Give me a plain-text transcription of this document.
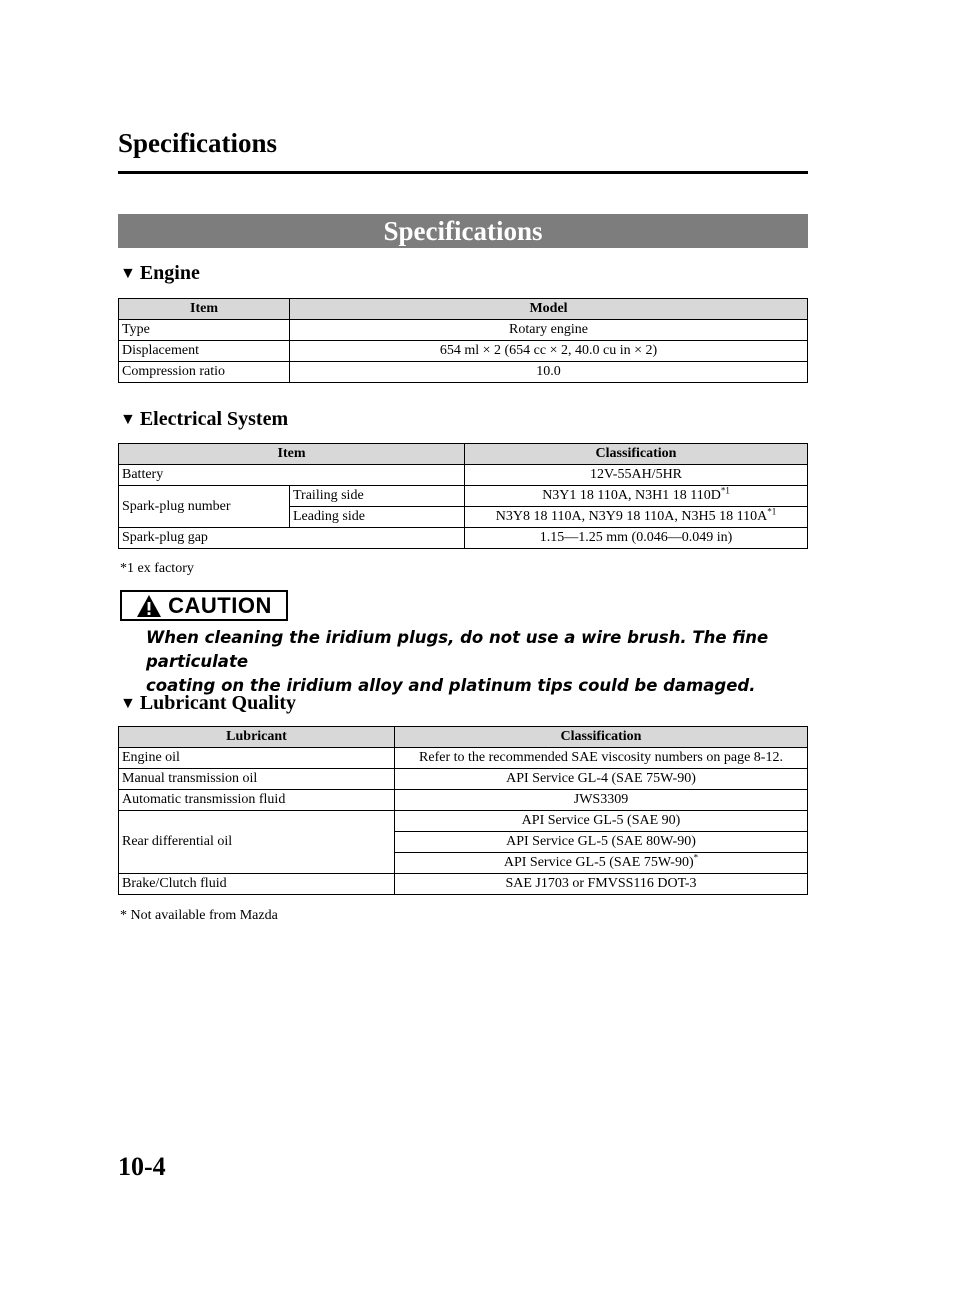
Specifications
Specifications
▼ Engine
Item	Model
Type	Rotary engine
Displacement	654 ml × 2 (654 cc × 2, 40.0 cu in × 2)
Compression ratio	10.0
▼ Electrical System
Item		Classification
Battery		12V-55AH/5HR
Spark-plug number	Trailing side	N3Y1 18 110A, N3H1 18 $110D^{*1}$
	Leading side	N3Y8 18 110A, N3Y9 18 110A, N3H5 18 $110A^{*1}$
Spark-plug gap		1.15—1.25 mm (0.046—0.049 in)
*1 ex factory
CAUTION
When cleaning the iridium plugs, do not use a wire brush. The fine particulate
coating on the iridium alloy and platinum tips could be damaged.
▼ Lubricant Quality
Lubricant	Classification
Engine oil	Refer to the recommended SAE viscosity numbers on page 8-12.
Manual transmission oil	API Service GL-4 (SAE 75W-90)
Automatic transmission fluid	JWS3309
Rear differential oil	API Service GL-5 (SAE 90)
	API Service GL-5 (SAE 80W-90)
	API Service GL-5 (SAE 75W-90)*
Brake/Clutch fluid	SAE J1703 or FMVSS116 DOT-3
* Not available from Mazda
10-4
